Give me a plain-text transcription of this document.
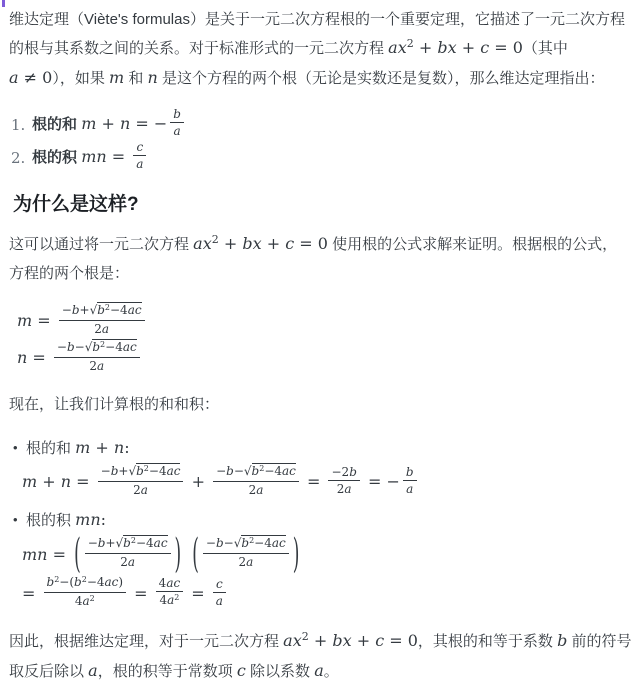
维达定理（Viète's formulas）是关于一元二次方程根的一个重要定理，它描述了一元二次方程的根与其系数之间的关系。对于标准形式的一元二次方程 $ax^2$ + bx + c = 0（其中 a ≠ 0），如果 m 和 n 是这个方程的两个根（无论是实数还是复数），那么维达定理指出：

1. 根的和 m + n = − $\frac{b}{a}$
2. 根的积 mn = $\frac{c}{a}$
为什么是这样?

这可以通过将一元二次方程 $ax^2$ + bx + c = 0 使用根的公式求解来证明。根据根的公式，方程的两个根是：

$m = \frac{-b+√b^2-4ac}{2a}$
$n = \frac{-b-√b^2-4ac}{2a}$

现在，让我们计算根的和和积：

• 根的和 m + n:
$m + n = \frac{-b+√b^2-4ac}{2a} + \frac{-b-√b^2-4ac}{2a} = \frac{-2b}{2a}$ = − $\frac{b}{a}$
• 根的积 mn:
mn = ( $\frac{-b+√b^2-4ac}{2a}$ )
( $\frac{-b-√b^2-4ac}{2a}$ )
= $\frac{b^2-(b^2-4ac)}{4a^2} = \frac{4ac}{4a^2} = \frac{c}{a}$

因此，根据维达定理，对于一元二次方程 $ax^2$ + bx + c = 0，其根的和等于系数 b 前的符号取反后除以 a，根的积等于常数项 c 除以系数 a。
